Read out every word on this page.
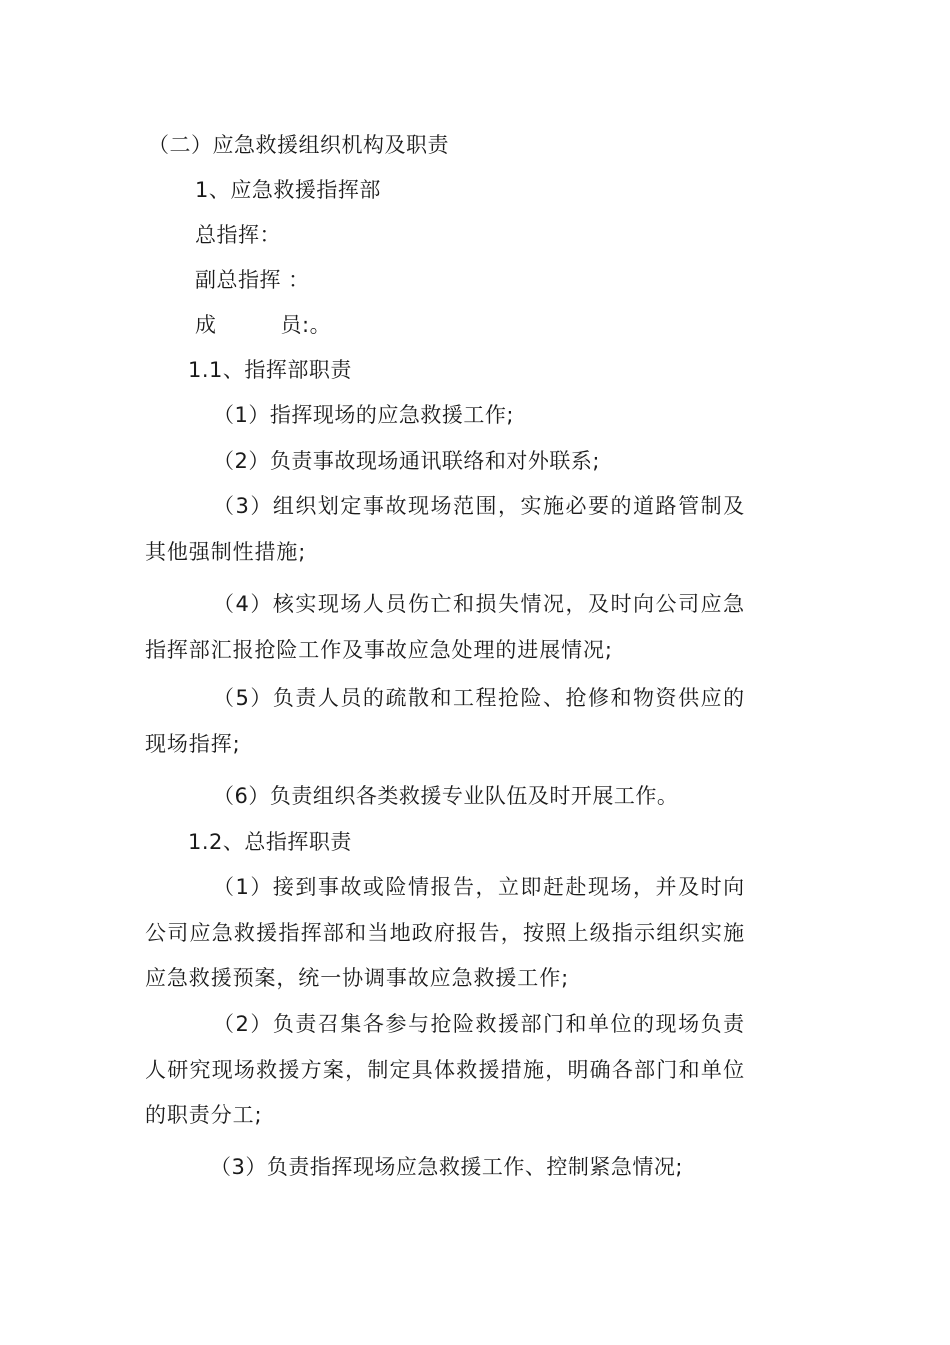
（二）应急救援组织机构及职责
1、应急救援指挥部
总指挥：
副总指挥 ：
成	员:。
1.1、指挥部职责
（1）指挥现场的应急救援工作;
（2）负责事故现场通讯联络和对外联系;
（3）组织划定事故现场范围，实施必要的道路管制及其他强制性措施;
（4）核实现场人员伤亡和损失情况，及时向公司应急指挥部汇报抢险工作及事故应急处理的进展情况;
（5）负责人员的疏散和工程抢险、抢修和物资供应的现场指挥;
（6）负责组织各类救援专业队伍及时开展工作。
1.2、总指挥职责
（1）接到事故或险情报告，立即赶赴现场，并及时向公司应急救援指挥部和当地政府报告，按照上级指示组织实施应急救援预案，统一协调事故应急救援工作;
（2）负责召集各参与抢险救援部门和单位的现场负责人研究现场救援方案，制定具体救援措施，明确各部门和单位的职责分工;
（3）负责指挥现场应急救援工作、控制紧急情况;
